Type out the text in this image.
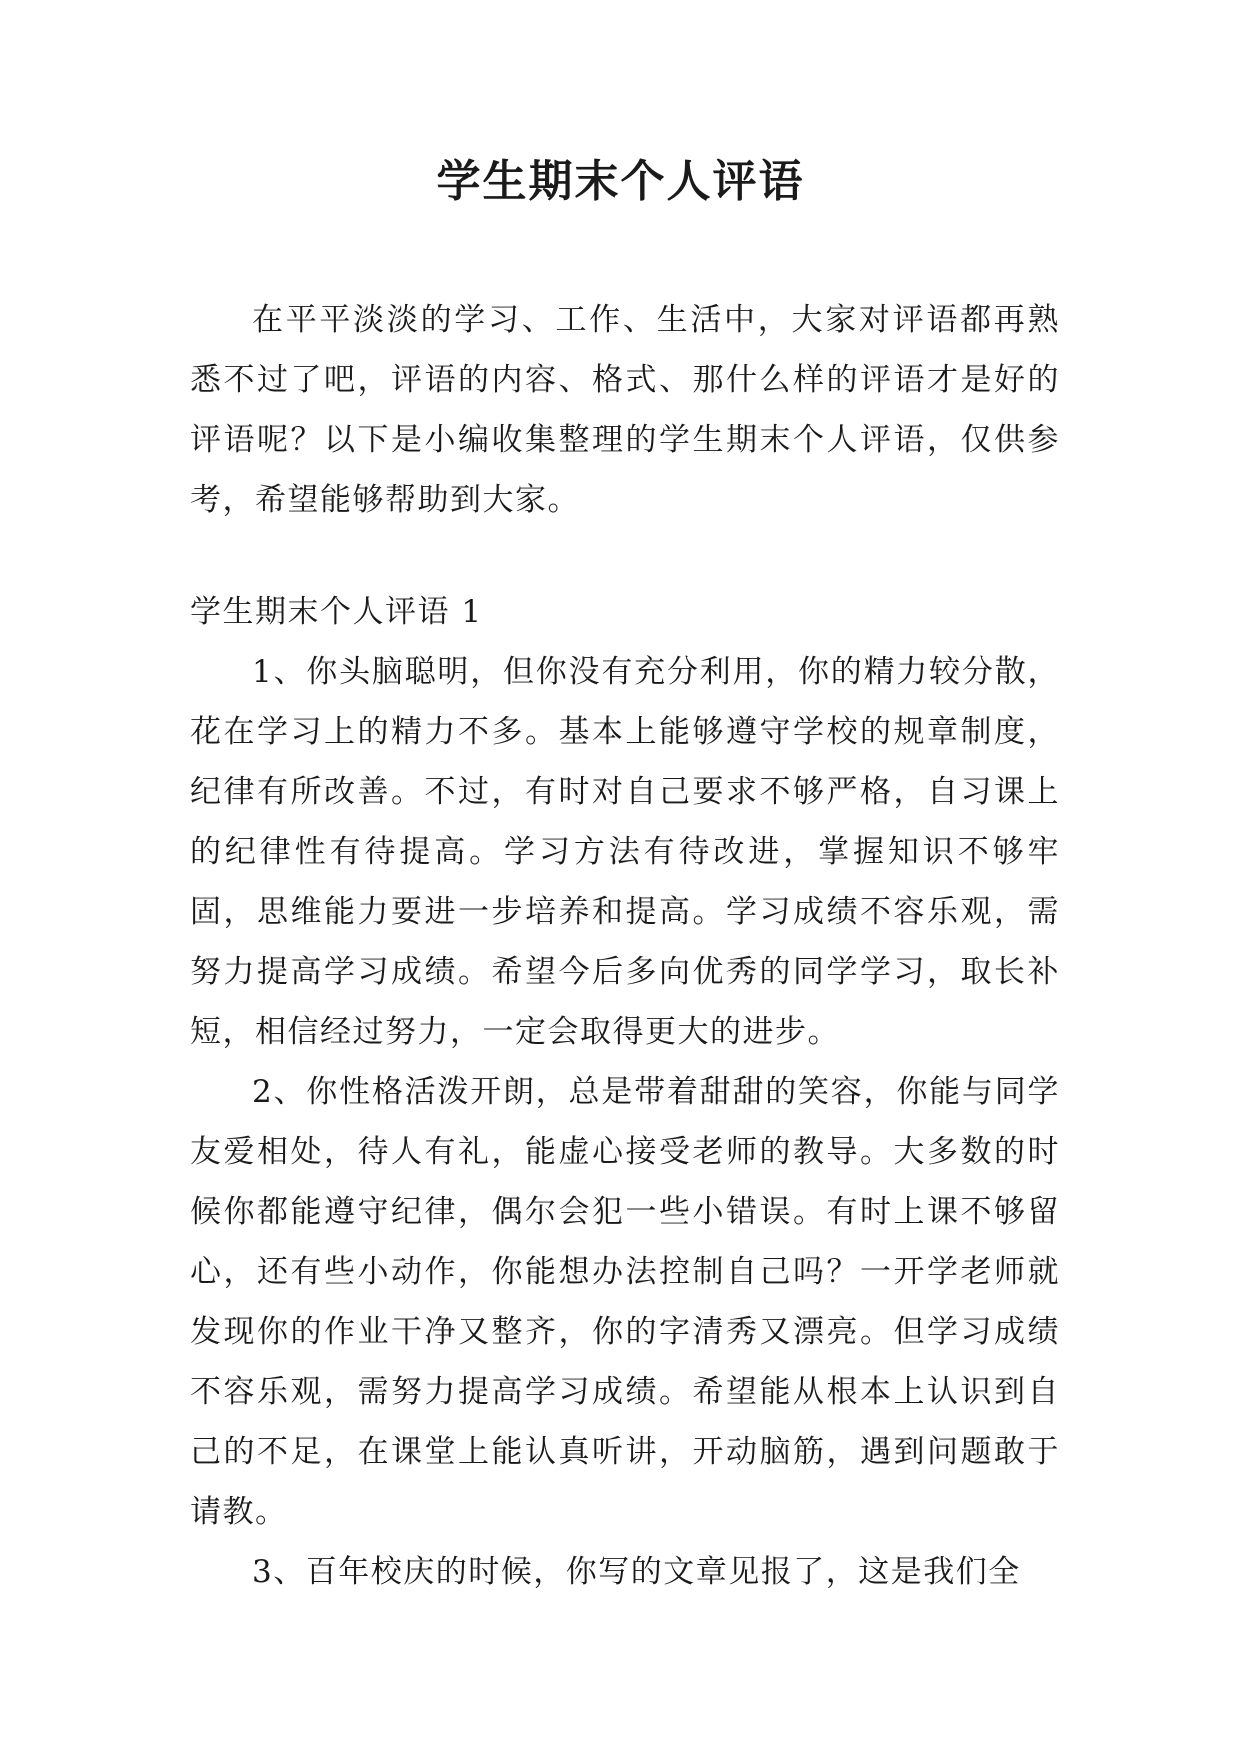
学生期末个人评语

在平平淡淡的学习、工作、生活中，大家对评语都再熟悉不过了吧，评语的内容、格式、那什么样的评语才是好的评语呢？以下是小编收集整理的学生期末个人评语，仅供参考，希望能够帮助到大家。

学生期末个人评语 1

1、你头脑聪明，但你没有充分利用，你的精力较分散，花在学习上的精力不多。基本上能够遵守学校的规章制度，纪律有所改善。不过，有时对自己要求不够严格，自习课上的纪律性有待提高。学习方法有待改进，掌握知识不够牢固，思维能力要进一步培养和提高。学习成绩不容乐观，需努力提高学习成绩。希望今后多向优秀的同学学习，取长补短，相信经过努力，一定会取得更大的进步。

2、你性格活泼开朗，总是带着甜甜的笑容，你能与同学友爱相处，待人有礼，能虚心接受老师的教导。大多数的时候你都能遵守纪律，偶尔会犯一些小错误。有时上课不够留心，还有些小动作，你能想办法控制自己吗？一开学老师就发现你的作业干净又整齐，你的字清秀又漂亮。但学习成绩不容乐观，需努力提高学习成绩。希望能从根本上认识到自己的不足，在课堂上能认真听讲，开动脑筋，遇到问题敢于请教。

3、百年校庆的时候，你写的文章见报了，这是我们全
